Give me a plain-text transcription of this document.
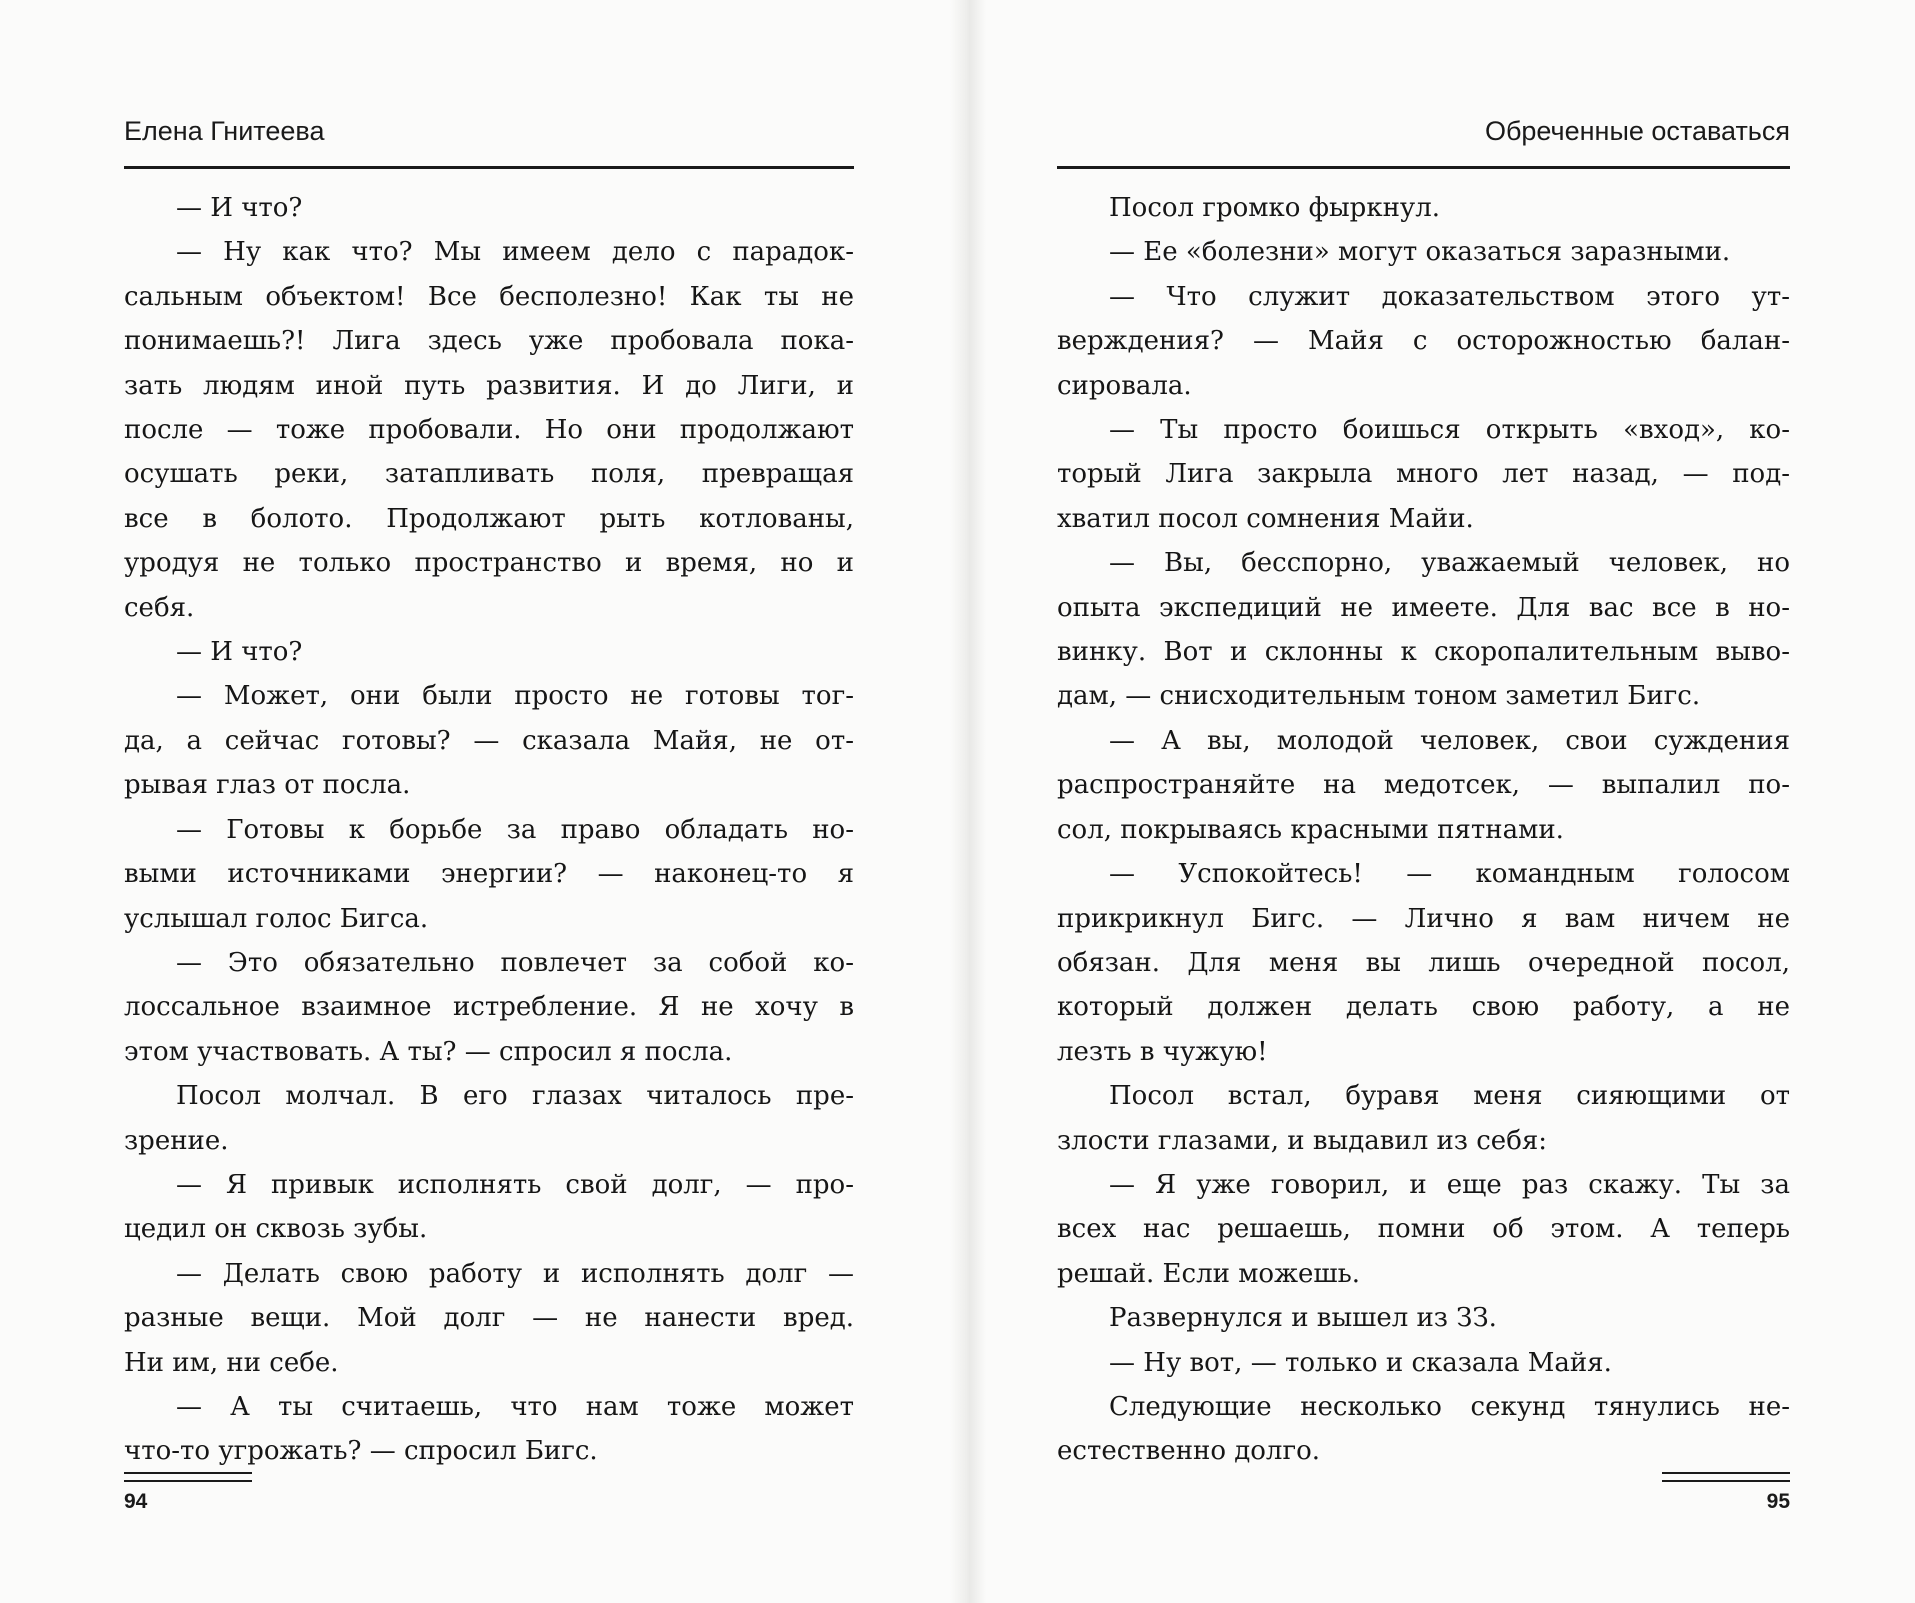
Елена Гнитеева

— И что?

— Ну как что? Мы имеем дело с парадок-

сальным объектом! Все бесполезно! Как ты не

понимаешь?! Лига здесь уже пробовала пока-

зать людям иной путь развития. И до Лиги, и

после — тоже пробовали. Но они продолжают

осушать реки, затапливать поля, превращая

все в болото. Продолжают рыть котлованы,

уродуя не только пространство и время, но и

себя.

— И что?

— Может, они были просто не готовы тог-

да, а сейчас готовы? — сказала Майя, не от-

рывая глаз от посла.

— Готовы к борьбе за право обладать но-

выми источниками энергии? — наконец-то я

услышал голос Бигса.

— Это обязательно повлечет за собой ко-

лоссальное взаимное истребление. Я не хочу в

этом участвовать. А ты? — спросил я посла.

Посол молчал. В его глазах читалось пре-

зрение.

— Я привык исполнять свой долг, — про-

цедил он сквозь зубы.

— Делать свою работу и исполнять долг —

разные вещи. Мой долг — не нанести вред.

Ни им, ни себе.

— А ты считаешь, что нам тоже может

что-то угрожать? — спросил Бигс.

94
Обреченные оставаться

Посол громко фыркнул.

— Ее «болезни» могут оказаться заразными.

— Что служит доказательством этого ут-

верждения? — Майя с осторожностью балан-

сировала.

— Ты просто боишься открыть «вход», ко-

торый Лига закрыла много лет назад, — под-

хватил посол сомнения Майи.

— Вы, бесспорно, уважаемый человек, но

опыта экспедиций не имеете. Для вас все в но-

винку. Вот и склонны к скоропалительным выво-

дам, — снисходительным тоном заметил Бигс.

— А вы, молодой человек, свои суждения

распространяйте на медотсек, — выпалил по-

сол, покрываясь красными пятнами.

— Успокойтесь! — командным голосом

прикрикнул Бигс. — Лично я вам ничем не

обязан. Для меня вы лишь очередной посол,

который должен делать свою работу, а не

лезть в чужую!

Посол встал, буравя меня сияющими от

злости глазами, и выдавил из себя:

— Я уже говорил, и еще раз скажу. Ты за

всех нас решаешь, помни об этом. А теперь

решай. Если можешь.

Развернулся и вышел из ЗЗ.

— Ну вот, — только и сказала Майя.

Следующие несколько секунд тянулись не-

естественно долго.

95
